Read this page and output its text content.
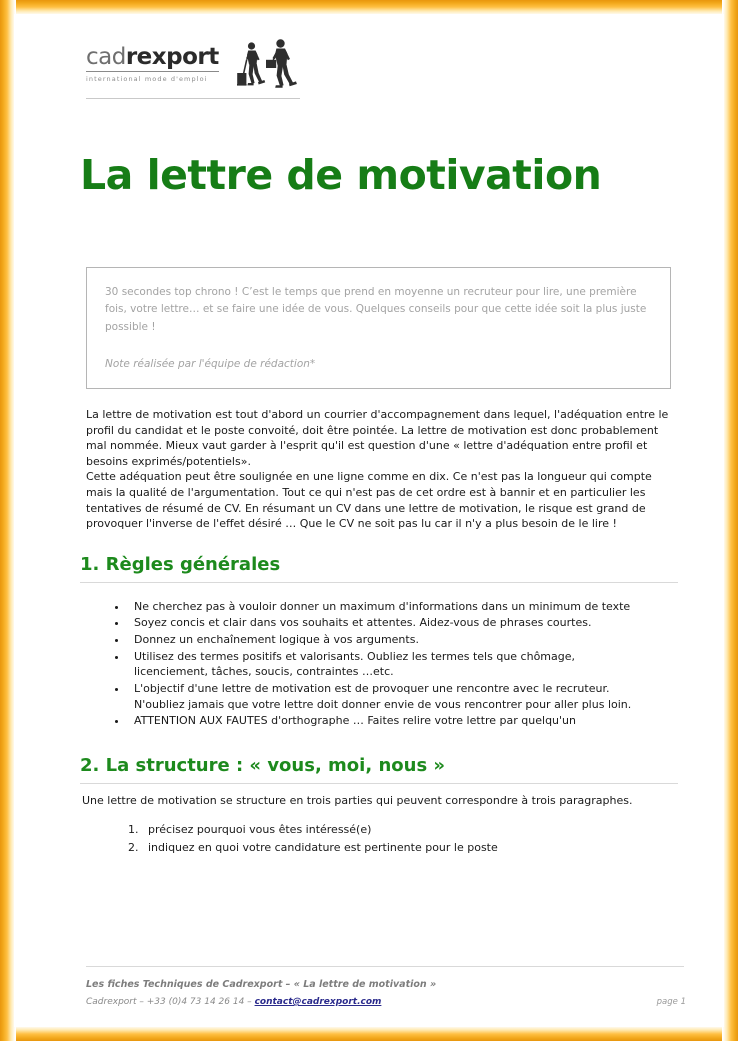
cadrexport
international mode d'emploi
La lettre de motivation

30 secondes top chrono ! C’est le temps que prend en moyenne un recruteur pour lire, une première fois, votre lettre… et se faire une idée de vous. Quelques conseils pour que cette idée soit la plus juste possible !

Note réalisée par l'équipe de rédaction*

La lettre de motivation est tout d'abord un courrier d'accompagnement dans lequel, l'adéquation entre le profil du candidat et le poste convoité, doit être pointée. La lettre de motivation est donc probablement mal nommée. Mieux vaut garder à l'esprit qu'il est question d'une « lettre d'adéquation entre profil et besoins exprimés/potentiels».

Cette adéquation peut être soulignée en une ligne comme en dix. Ce n'est pas la longueur qui compte mais la qualité de l'argumentation. Tout ce qui n'est pas de cet ordre est à bannir et en particulier les tentatives de résumé de CV. En résumant un CV dans une lettre de motivation, le risque est grand de provoquer l'inverse de l'effet désiré … Que le CV ne soit pas lu car il n'y a plus besoin de le lire !

1. Règles générales
• Ne cherchez pas à vouloir donner un maximum d'informations dans un minimum de texte
• Soyez concis et clair dans vos souhaits et attentes. Aidez-vous de phrases courtes.
• Donnez un enchaînement logique à vos arguments.
• Utilisez des termes positifs et valorisants. Oubliez les termes tels que chômage, licenciement, tâches, soucis, contraintes …etc.
• L'objectif d'une lettre de motivation est de provoquer une rencontre avec le recruteur. N'oubliez jamais que votre lettre doit donner envie de vous rencontrer pour aller plus loin.
• ATTENTION AUX FAUTES d'orthographe … Faites relire votre lettre par quelqu'un
2. La structure : « vous, moi, nous »
Une lettre de motivation se structure en trois parties qui peuvent correspondre à trois paragraphes.
1. précisez pourquoi vous êtes intéressé(e)
2. indiquez en quoi votre candidature est pertinente pour le poste
Les fiches Techniques de Cadrexport – « La lettre de motivation »
Cadrexport – +33 (0)4 73 14 26 14 – contact@cadrexport.com	page 1
